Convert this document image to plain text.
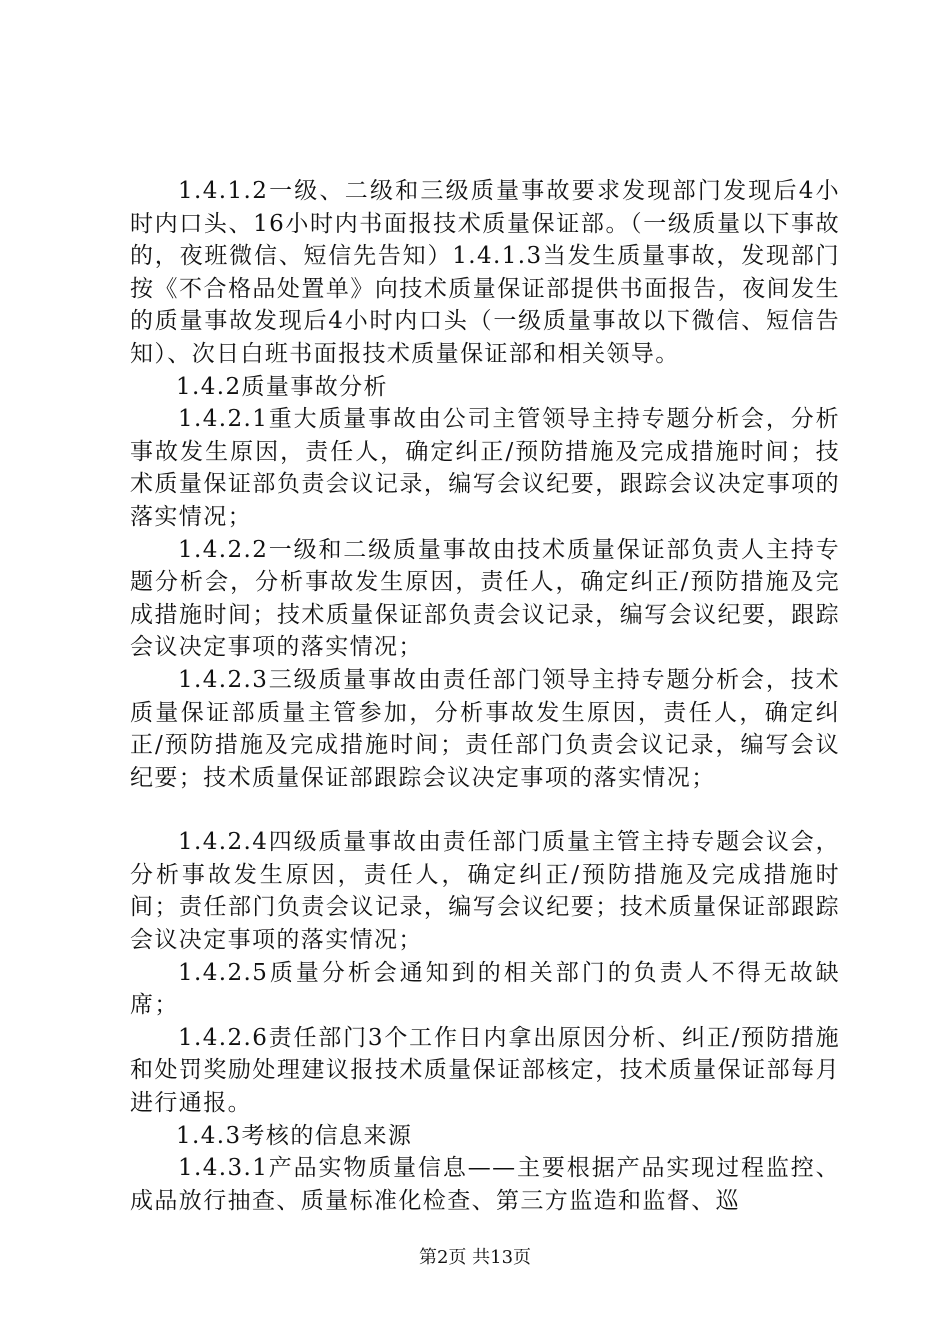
1.4.1.2一级、二级和三级质量事故要求发现部门发现后4小时内口头、16小时内书面报技术质量保证部。（一级质量以下事故的，夜班微信、短信先告知）1.4.1.3当发生质量事故，发现部门按《不合格品处置单》向技术质量保证部提供书面报告，夜间发生的质量事故发现后4小时内口头（一级质量事故以下微信、短信告知）、次日白班书面报技术质量保证部和相关领导。

1.4.2质量事故分析

1.4.2.1重大质量事故由公司主管领导主持专题分析会，分析事故发生原因，责任人，确定纠正/预防措施及完成措施时间；技术质量保证部负责会议记录，编写会议纪要，跟踪会议决定事项的落实情况；

1.4.2.2一级和二级质量事故由技术质量保证部负责人主持专题分析会，分析事故发生原因，责任人，确定纠正/预防措施及完成措施时间；技术质量保证部负责会议记录，编写会议纪要，跟踪会议决定事项的落实情况；

1.4.2.3三级质量事故由责任部门领导主持专题分析会，技术质量保证部质量主管参加，分析事故发生原因，责任人，确定纠正/预防措施及完成措施时间；责任部门负责会议记录，编写会议纪要；技术质量保证部跟踪会议决定事项的落实情况；

1.4.2.4四级质量事故由责任部门质量主管主持专题会议会，分析事故发生原因，责任人，确定纠正/预防措施及完成措施时间；责任部门负责会议记录，编写会议纪要；技术质量保证部跟踪会议决定事项的落实情况；

1.4.2.5质量分析会通知到的相关部门的负责人不得无故缺席；

1.4.2.6责任部门3个工作日内拿出原因分析、纠正/预防措施和处罚奖励处理建议报技术质量保证部核定，技术质量保证部每月进行通报。

1.4.3考核的信息来源

1.4.3.1产品实物质量信息——主要根据产品实现过程监控、成品放行抽查、质量标准化检查、第三方监造和监督、巡

第2页 共13页
